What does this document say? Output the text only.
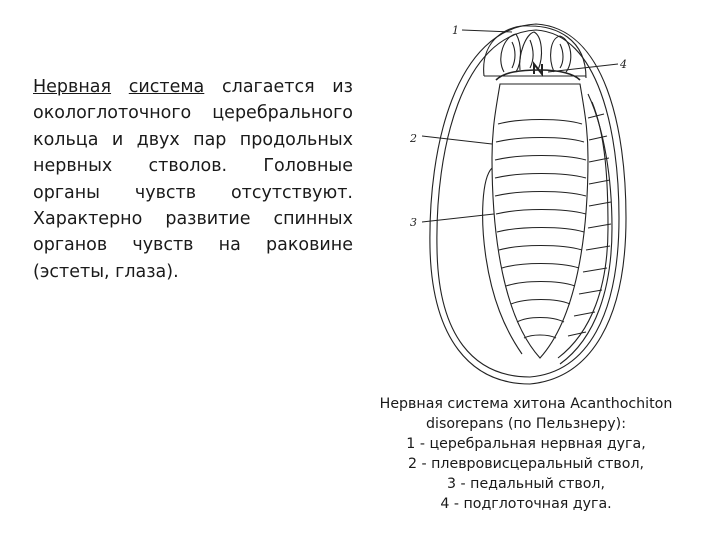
Нервная система слагается из окологлоточного церебрального кольца и двух пар продольных нервных стволов. Головные органы чувств отсутствуют. Характерно развитие спинных органов чувств на раковине (эстеты, глаза).

1
4
2
3
Нервная система хитона Acanthochiton
disorepans (по Пельзнеру):
1 - церебральная нервная дуга,
2 - плевровисцеральный ствол,
3 - педальный ствол,
4 - подглоточная дуга.
